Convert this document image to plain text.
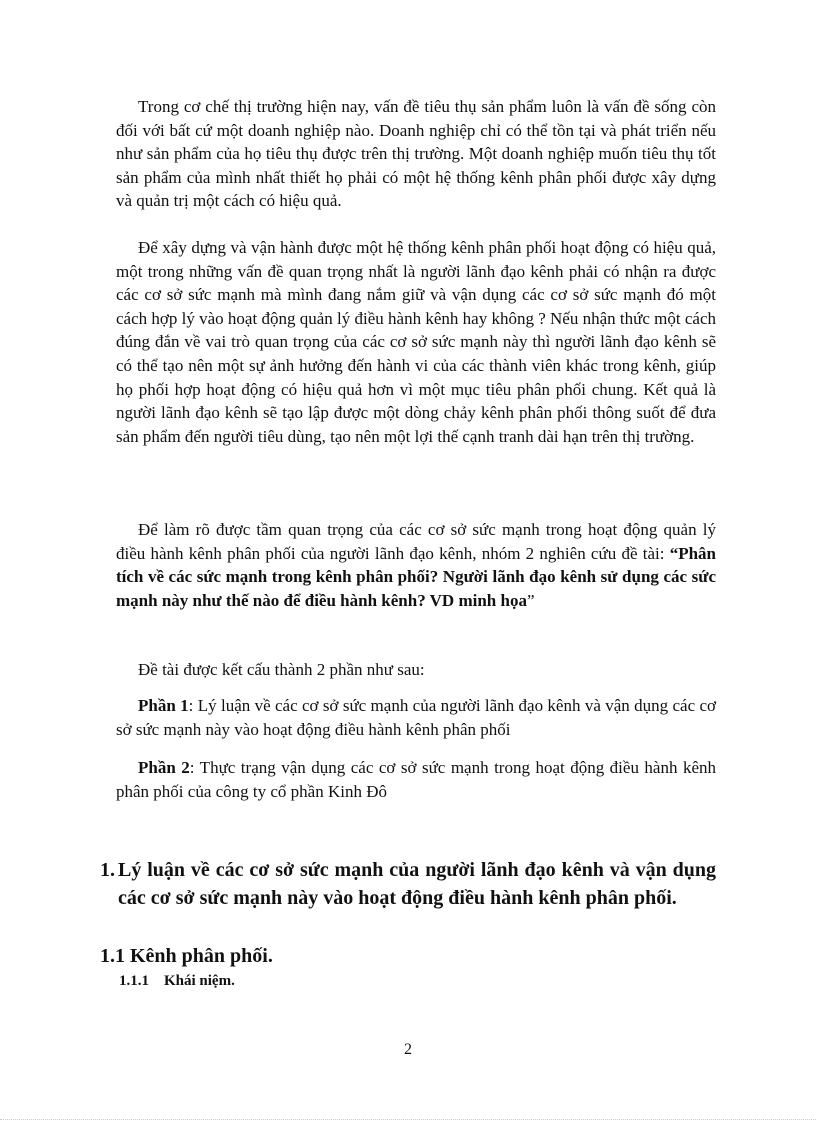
Trong cơ chế thị trường hiện nay, vấn đề tiêu thụ sản phẩm luôn là vấn đề sống còn đối với bất cứ một doanh nghiệp nào. Doanh nghiệp chỉ có thể tồn tại và phát triển nếu như sản phẩm của họ tiêu thụ được trên thị trường. Một doanh nghiệp muốn tiêu thụ tốt sản phẩm của mình nhất thiết họ phải có một hệ thống kênh phân phối được xây dựng và quản trị một cách có hiệu quả.

Để xây dựng và vận hành được một hệ thống kênh phân phối hoạt động có hiệu quả, một trong những vấn đề quan trọng nhất là người lãnh đạo kênh phải có nhận ra được các cơ sở sức mạnh mà mình đang nắm giữ và vận dụng các cơ sở sức mạnh đó một cách hợp lý vào hoạt động quản lý điều hành kênh hay không ? Nếu nhận thức một cách đúng đắn về vai trò quan trọng của các cơ sở sức mạnh này thì người lãnh đạo kênh sẽ có thể tạo nên một sự ảnh hưởng đến hành vi của các thành viên khác trong kênh, giúp họ phối hợp hoạt động có hiệu quả hơn vì một mục tiêu phân phối chung. Kết quả là người lãnh đạo kênh sẽ tạo lập được một dòng chảy kênh phân phối thông suốt để đưa sản phẩm đến người tiêu dùng, tạo nên một lợi thế cạnh tranh dài hạn trên thị trường.

Để làm rõ được tầm quan trọng của các cơ sở sức mạnh trong hoạt động quản lý điều hành kênh phân phối của người lãnh đạo kênh, nhóm 2 nghiên cứu đề tài: “Phân tích về các sức mạnh trong kênh phân phối? Người lãnh đạo kênh sử dụng các sức mạnh này như thế nào để điều hành kênh? VD minh họa”

Đề tài được kết cấu thành 2 phần như sau:

Phần 1: Lý luận về các cơ sở sức mạnh của người lãnh đạo kênh và vận dụng các cơ sở sức mạnh này vào hoạt động điều hành kênh phân phối

Phần 2: Thực trạng vận dụng các cơ sở sức mạnh trong hoạt động điều hành kênh phân phối của công ty cổ phần Kinh Đô

1. Lý luận về các cơ sở sức mạnh của người lãnh đạo kênh và vận dụng các cơ sở sức mạnh này vào hoạt động điều hành kênh phân phối.
1.1 Kênh phân phối.
1.1.1 Khái niệm.
2
